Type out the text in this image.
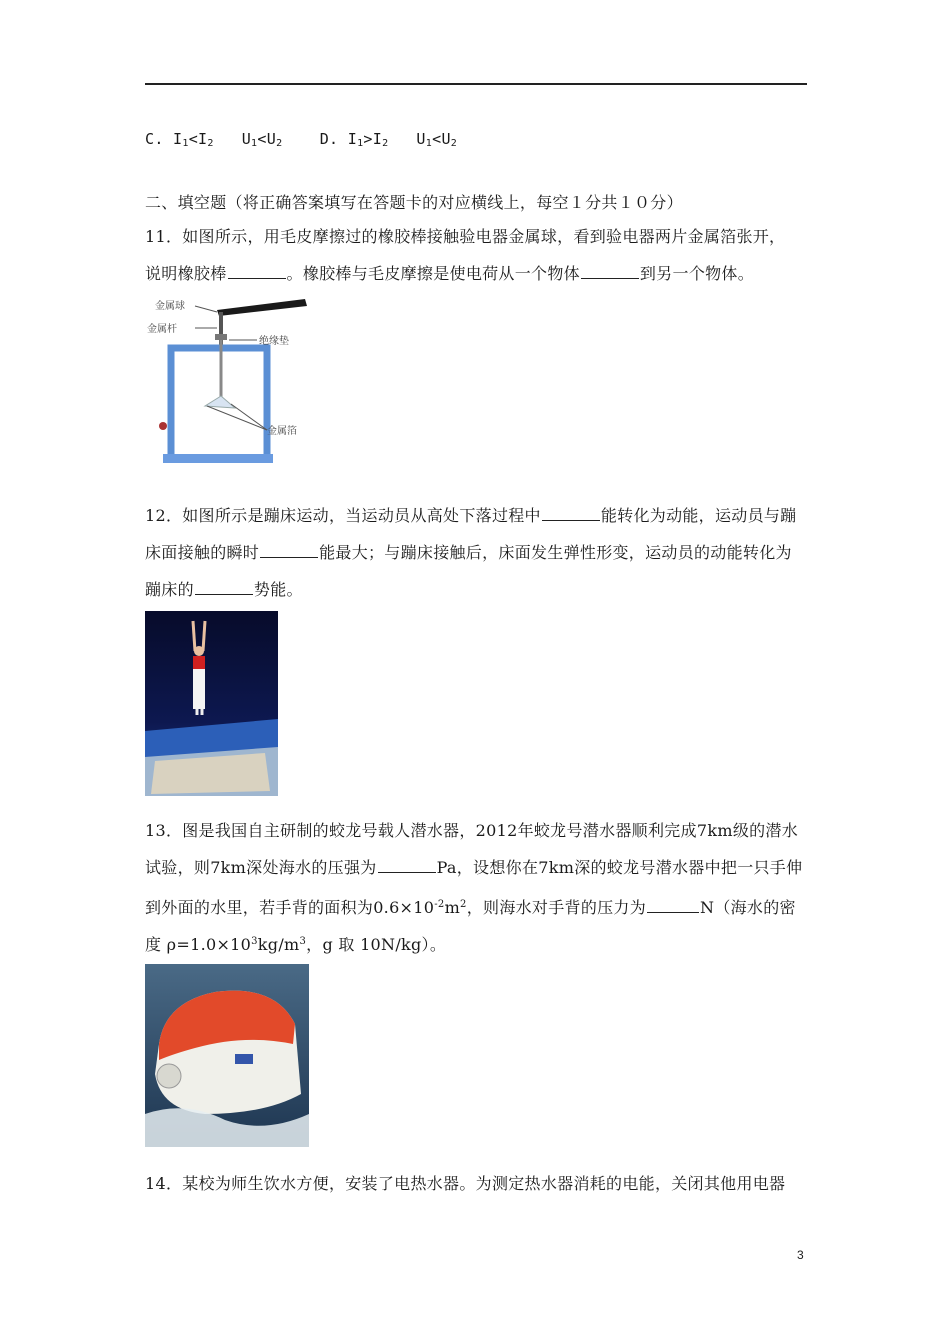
C. $I_1<I_2$ $U_1<U_2$ D. $I_1>I_2$ $U_1<U_2$
二、填空题（将正确答案填写在答题卡的对应横线上，每空１分共１０分）
11．如图所示，用毛皮摩擦过的橡胶棒接触验电器金属球，看到验电器两片金属箔张开，
说明橡胶棒	。橡胶棒与毛皮摩擦是使电荷从一个物体	到另一个物体。
金属球
金属杆
绝缘垫
金属箔
12．如图所示是蹦床运动，当运动员从高处下落过程中	能转化为动能，运动员与蹦
床面接触的瞬时	能最大；与蹦床接触后，床面发生弹性形变，运动员的动能转化为
蹦床的	势能。
13．图是我国自主研制的蛟龙号载人潜水器，2012年蛟龙号潜水器顺利完成7km级的潜水
试验，则7km深处海水的压强为	Pa，设想你在7km深的蛟龙号潜水器中把一只手伸
到外面的水里，若手背的面积为$0.6\times 10^{-2}m^2$，则海水对手背的压力为	N（海水的密
度 $\rho=1.0\times 10^3kg/m^3$，g 取 10N/kg）。
14．某校为师生饮水方便，安装了电热水器。为测定热水器消耗的电能，关闭其他用电器
3
